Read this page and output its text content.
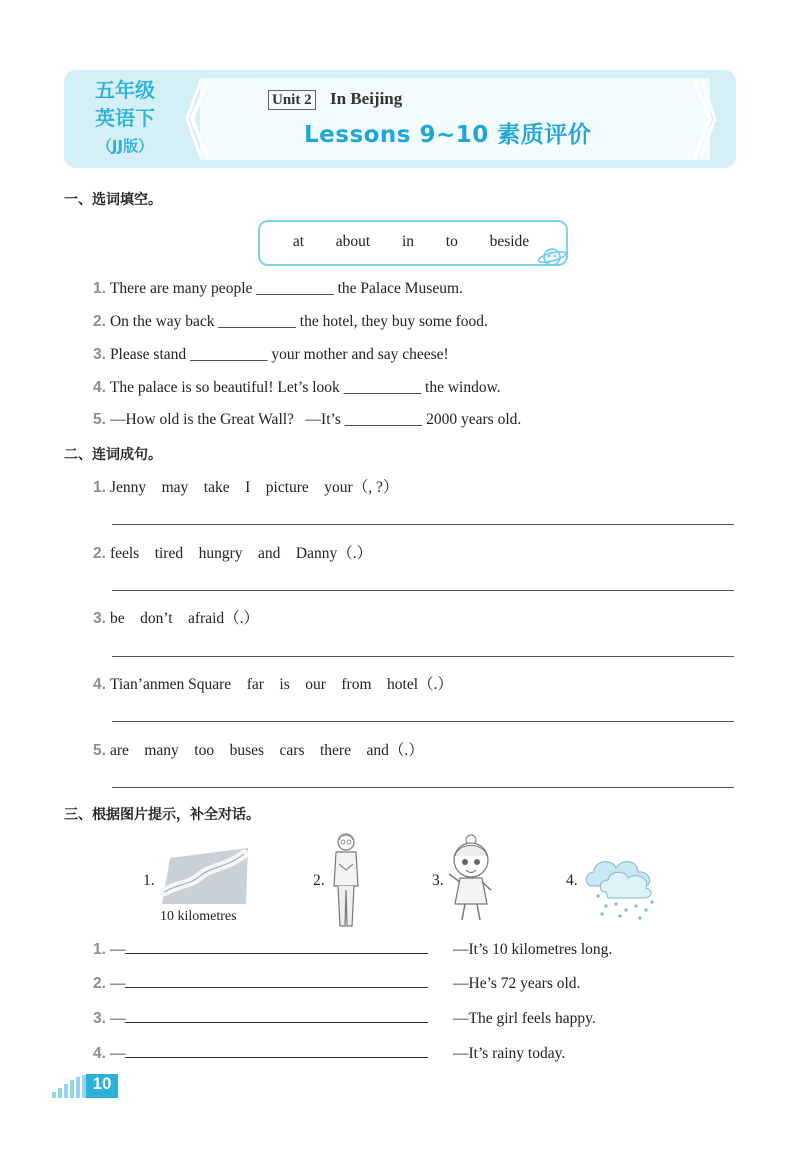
五年级
英语下
（JJ版）
Unit 2 In Beijing
Lessons 9~10 素质评价
一、选词填空。
at  about  in  to  beside
1. There are many people __________ the Palace Museum.
2. On the way back __________ the hotel, they buy some food.
3. Please stand __________ your mother and say cheese!
4. The palace is so beautiful! Let’s look __________ the window.
5. —How old is the Great Wall?   —It’s __________ 2000 years old.
二、连词成句。
1. Jenny    may    take    I    picture    your（, ?）
2. feels    tired    hungry    and    Danny（.）
3. be    don’t    afraid（.）
4. Tian’anmen Square    far    is    our    from    hotel（.）
5. are    many    too    buses    cars    there    and（.）
三、根据图片提示，补全对话。
1.
10 kilometres
2.	3.	4.
1. —	—It’s 10 kilometres long.
2. —	—He’s 72 years old.
3. —	—The girl feels happy.
4. —	—It’s rainy today.
10
